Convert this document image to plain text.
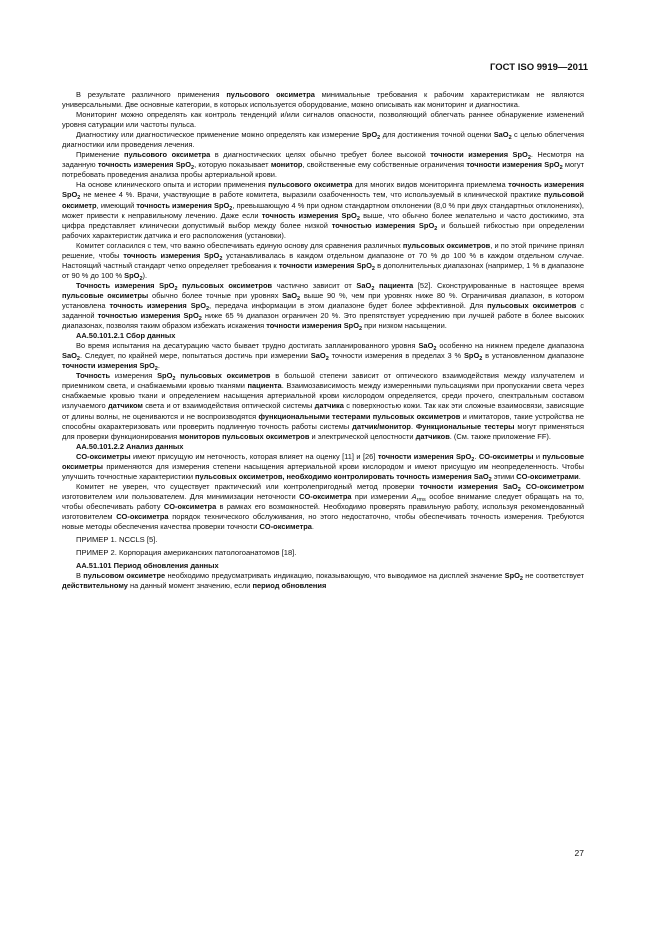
ГОСТ ISO 9919—2011

В результате различного применения пульсового оксиметра минимальные требования к рабочим характеристикам не являются универсальными. Две основные категории, в которых используется оборудование, можно описывать как мониторинг и диагностика.

Мониторинг можно определять как контроль тенденций и/или сигналов опасности, позволяющий облегчать раннее обнаружение изменений уровня сатурации или частоты пульса.

Диагностику или диагностическое применение можно определять как измерение SpO$_2$ для достижения точной оценки SaO$_2$ с целью облегчения диагностики или проведения лечения.

Применение пульсового оксиметра в диагностических целях обычно требует более высокой точности измерения SpO$_2$. Несмотря на заданную точность измерения SpO$_2$, которую показывает монитор, свойственные ему собственные ограничения точности измерения SpO$_2$ могут потребовать проведения анализа пробы артериальной крови.

На основе клинического опыта и истории применения пульсового оксиметра для многих видов мониторинга приемлема точность измерения SpO$_2$ не менее 4 %. Врачи, участвующие в работе комитета, выразили озабоченность тем, что используемый в клинической практике пульсовой оксиметр, имеющий точность измерения SpO$_2$, превышающую 4 % при одном стандартном отклонении (8,0 % при двух стандартных отклонениях), может привести к неправильному лечению. Даже если точность измерения SpO$_2$ выше, что обычно более желательно и часто достижимо, эта цифра представляет клинически допустимый выбор между более низкой точностью измерения SpO$_2$ и большей гибкостью при определении рабочих характеристик датчика и его расположения (установки).

Комитет согласился с тем, что важно обеспечивать единую основу для сравнения различных пульсовых оксиметров, и по этой причине принял решение, чтобы точность измерения SpO$_2$ устанавливалась в каждом отдельном диапазоне от 70 % до 100 % в каждом отдельном случае. Настоящий частный стандарт четко определяет требования к точности измерения SpO$_2$ в дополнительных диапазонах (например, 1 % в диапазоне от 90 % до 100 % SpO$_2$).

Точность измерения SpO$_2$ пульсовых оксиметров частично зависит от SaO$_2$ пациента [52]. Сконструированные в настоящее время пульсовые оксиметры обычно более точные при уровнях SaO$_2$ выше 90 %, чем при уровнях ниже 80 %. Ограничивая диапазон, в котором установлена точность измерения SpO$_2$, передача информации в этом диапазоне будет более эффективной. Для пульсовых оксиметров с заданной точностью измерения SpO$_2$ ниже 65 % диапазон ограничен 20 %. Это препятствует усреднению при лучшей работе в более высоких диапазонах, позволяя таким образом избежать искажения точности измерения SpO$_2$ при низком насыщении.

АА.50.101.2.1 Сбор данных

Во время испытания на десатурацию часто бывает трудно достигать запланированного уровня SaO$_2$ особенно на нижнем пределе диапазона SaO$_2$. Следует, по крайней мере, попытаться достичь при измерении SaO$_2$ точности измерения в пределах 3 % SpO$_2$ в установленном диапазоне точности измерения SpO$_2$.

Точность измерения SpO$_2$ пульсовых оксиметров в большой степени зависит от оптического взаимодействия между излучателем и приемником света, и снабжаемыми кровью тканями пациента. Взаимозависимость между измеренными пульсациями при пропускании света через снабжаемые кровью ткани и определением насыщения артериальной крови кислородом определяется, среди прочего, спектральным составом излучаемого датчиком света и от взаимодействия оптической системы датчика с поверхностью кожи. Так как эти сложные взаимосвязи, зависящие от длины волны, не оцениваются и не воспроизводятся функциональными тестерами пульсовых оксиметров и имитаторов, такие устройства не способны охарактеризовать или проверить подлинную точность работы системы датчик/монитор. Функциональные тестеры могут применяться для проверки функционирования мониторов пульсовых оксиметров и электрической целостности датчиков. (См. также приложение FF).

АА.50.101.2.2 Анализ данных

CO-оксиметры имеют присущую им неточность, которая влияет на оценку [11] и [26] точности измерения SpO$_2$. CO-оксиметры и пульсовые оксиметры применяются для измерения степени насыщения артериальной крови кислородом и имеют присущую им неопределенность. Чтобы улучшить точностные характеристики пульсовых оксиметров, необходимо контролировать точность измерения SaO$_2$ этими CO-оксиметрами.

Комитет не уверен, что существует практический или контролепригодный метод проверки точности измерения SaO$_2$ CO-оксиметром изготовителем или пользователем. Для минимизации неточности CO-оксиметра при измерении $A_{rms}$ особое внимание следует обращать на то, чтобы обеспечивать работу CO-оксиметра в рамках его возможностей. Необходимо проверять правильную работу, используя рекомендованный изготовителем CO-оксиметра порядок технического обслуживания, но этого недостаточно, чтобы обеспечивать точность измерения. Требуются новые методы обеспечения качества проверки точности CO-оксиметра.

ПРИМЕР 1. NCCLS [5].

ПРИМЕР 2. Корпорация американских патологоанатомов [18].

АА.51.101 Период обновления данных

В пульсовом оксиметре необходимо предусматривать индикацию, показывающую, что выводимое на дисплей значение SpO$_2$ не соответствует действительному на данный момент значению, если период обновления

27
